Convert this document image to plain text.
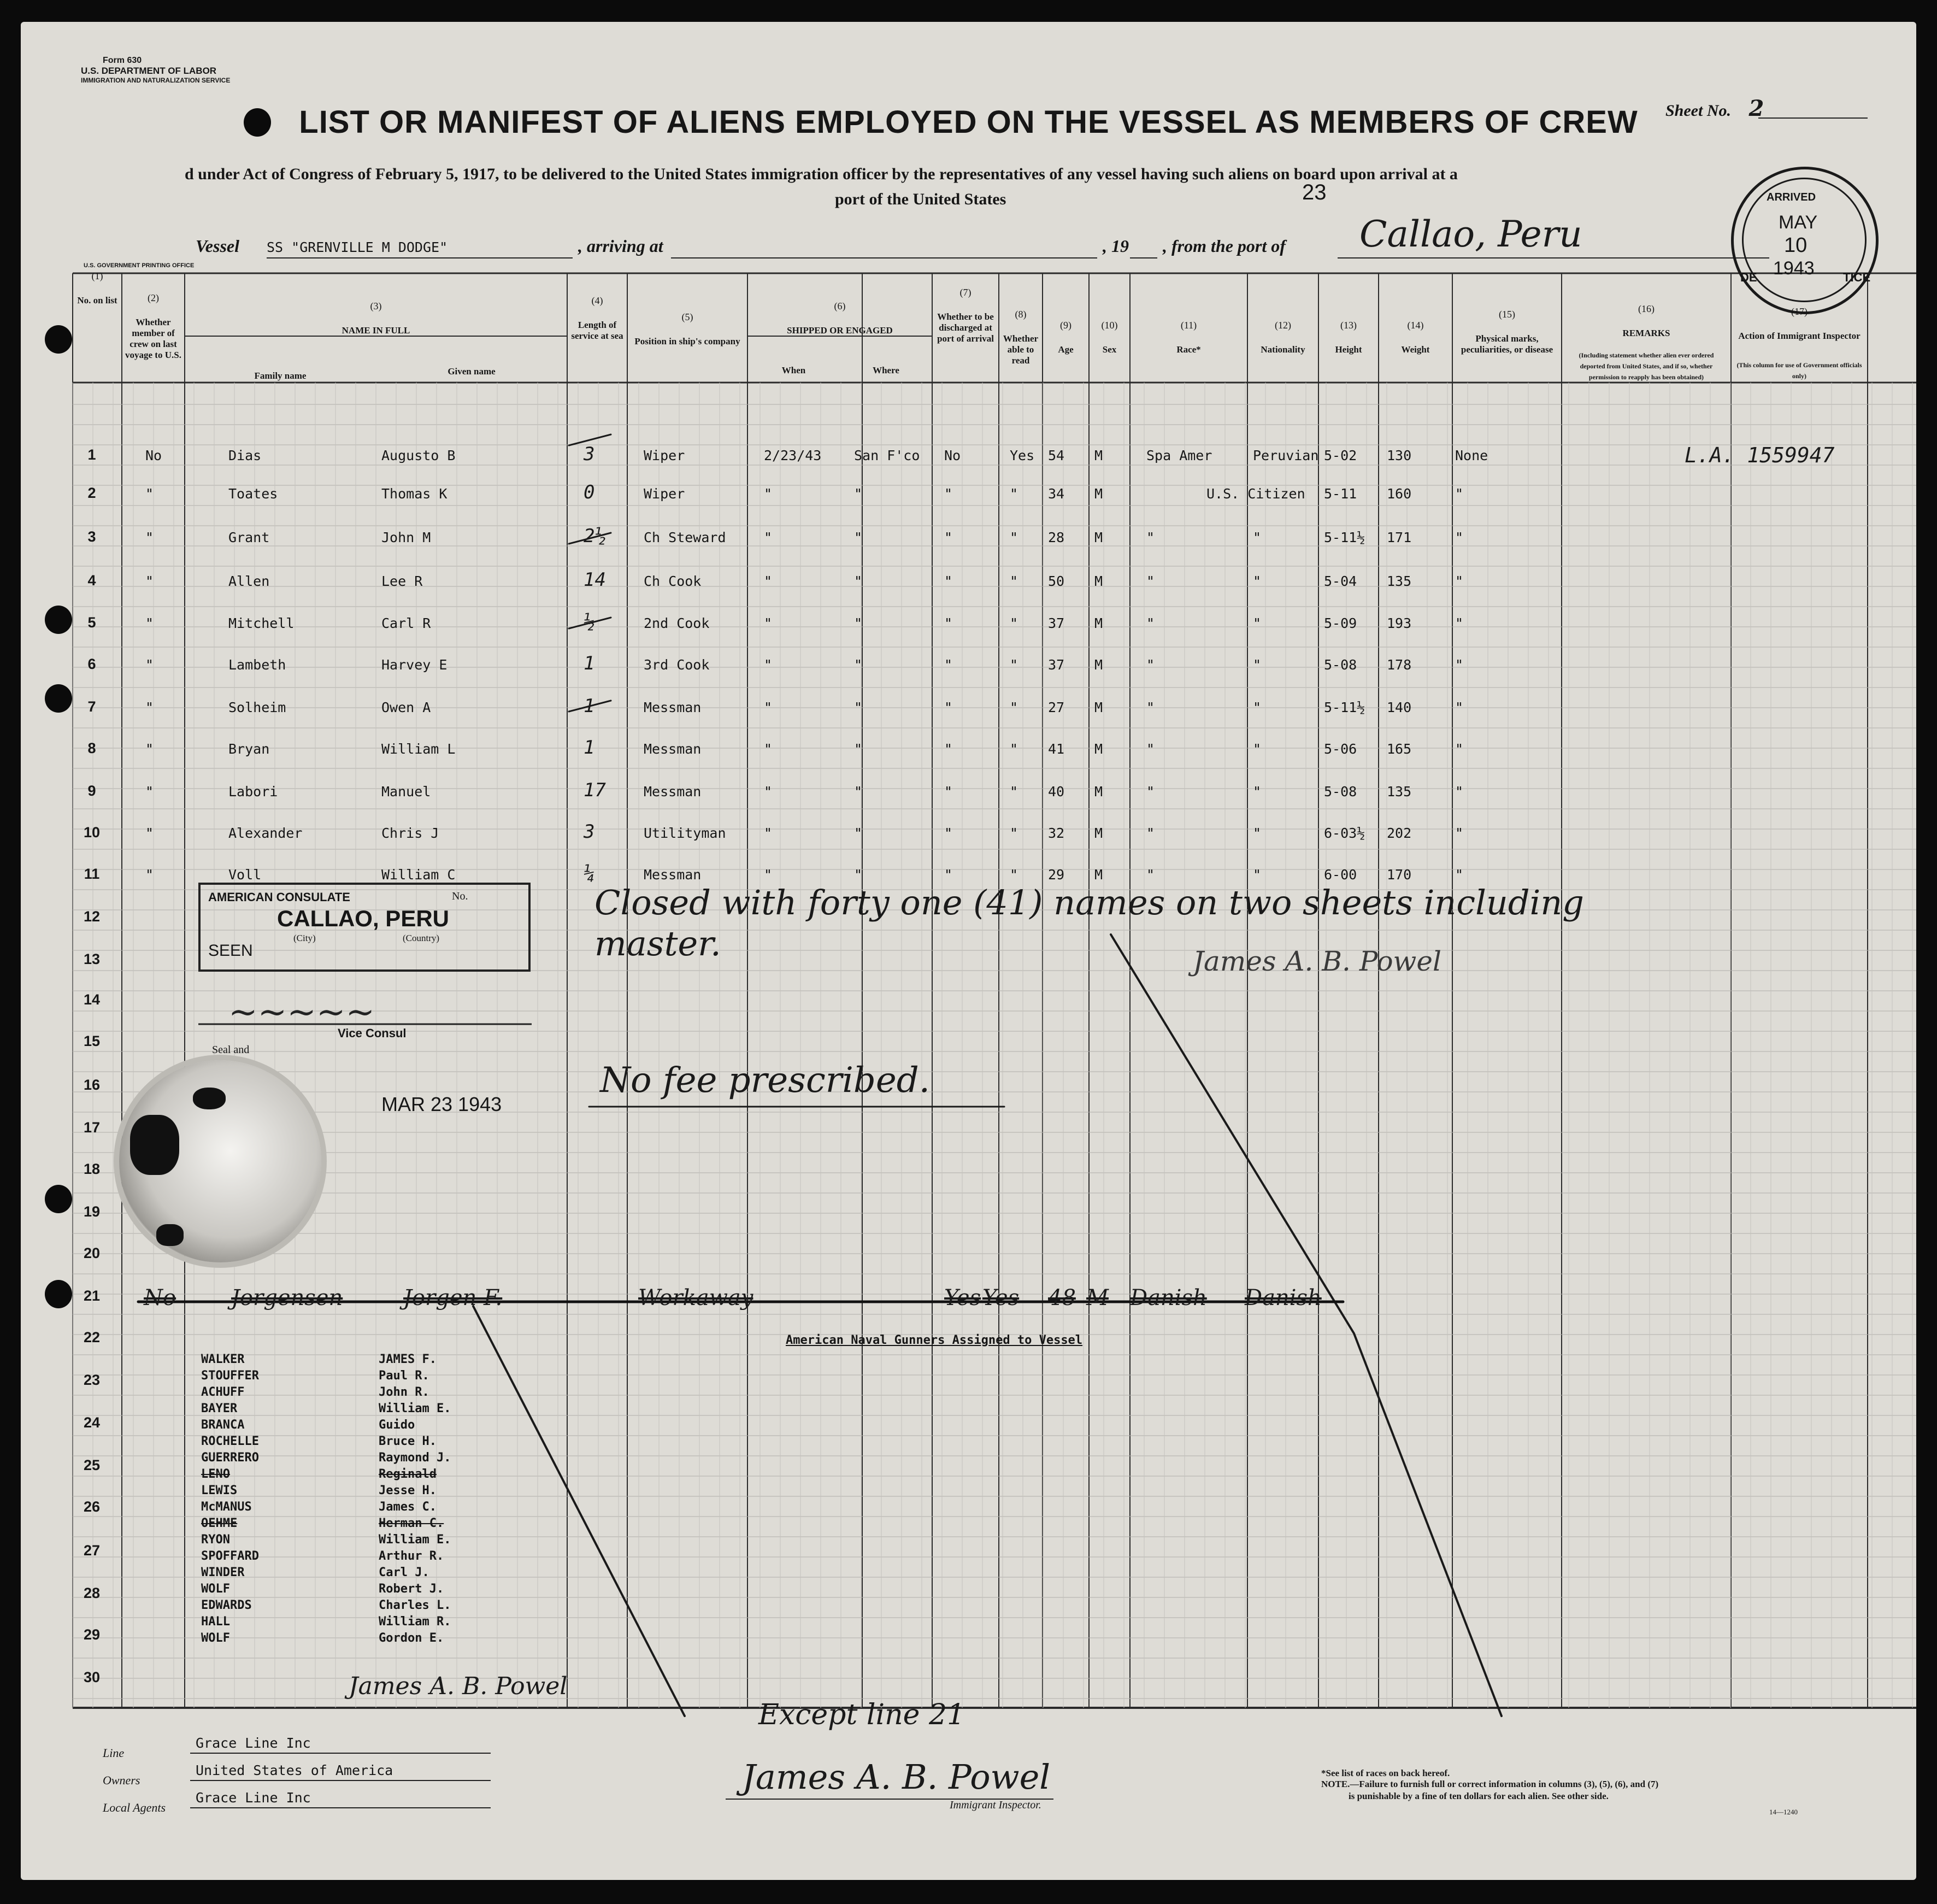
Form 630
U.S. DEPARTMENT OF LABOR
IMMIGRATION AND NATURALIZATION SERVICE
Sheet No. 2
LIST OR MANIFEST OF ALIENS EMPLOYED ON THE VESSEL AS MEMBERS OF CREW
d under Act of Congress of February 5, 1917, to be delivered to the United States immigration officer by the representatives of any vessel having such aliens on board upon arrival at a
23
port of the United States
Vessel SS "GRENVILLE M DODGE"	, arriving at	, 19 , from the port of Callao, Peru
U.S. GOVERNMENT PRINTING OFFICE
ARRIVED
MAY
10
1943
DE	TICE
(1)
No. on list	(2)
Whether member of crew on last voyage to U.S.
(3)
NAME IN FULL
Family name	Given name
(4)
Length of service at sea
(5)
Position in ship's company
(6)
SHIPPED OR ENGAGED
When	Where
(7)
Whether to be discharged at port of arrival
(8)
Whether able to read
(9)
Age
(10)
Sex
(11)
Race*
(12)
Nationality
(13)
Height
(14)
Weight
(15)
Physical marks, peculiarities, or disease
(16)
REMARKS
(Including statement whether alien ever ordered deported from United States, and if so, whether permission to reapply has been obtained)
(17)
Action of Immigrant Inspector
(This column for use of Government officials only)
1
2
3
4
5
6
7
8
9
10
11
12
13
14
15
16
17
18
19
20
21
22
23
24
25
26
27
28
29
30
No	Dias	Augusto B	3	Wiper	2/23/43 San F'co No	Yes 54 M	Spa Amer	Peruvian 5-02 130	None	L.A. 1559947
"	Toates	Thomas K	0	Wiper	"	"	"	" 34 M	U.S. Citizen 5-11 160	"
"	Grant	John M	2½	Ch Steward	"	"	"	" 28 M	"	"	5-11½ 171	"
"	Allen	Lee R	14	Ch Cook	"	"	"	" 50 M	"	"	5-04 135	"
"	Mitchell	Carl R	½	2nd Cook	"	"	"	" 37 M	"	"	5-09 193	"
"	Lambeth	Harvey E	1	3rd Cook	"	"	"	" 37 M	"	"	5-08 178	"
"	Solheim	Owen A	1	Messman	"	"	"	" 27 M	"	"	5-11½ 140	"
"	Bryan	William L	1	Messman	"	"	"	" 41 M	"	"	5-06 165	"
"	Labori	Manuel	17	Messman	"	"	"	" 40 M	"	"	5-08 135	"
"	Alexander	Chris J	3	Utilityman	"	"	"	" 32 M	"	"	6-03½ 202	"
"	Voll	William C	¼	Messman	"	"	"	" 29 M	"	"	6-00 170	"
Closed with forty one (41) names on two sheets including
master.	James A. B. Powel
No fee prescribed.
AMERICAN CONSULATE	No.
CALLAO, PERU
(City)	(Country)
SEEN
~~~~~
Vice Consul
Seal and
MAR 23 1943
No	Jorgensen	Jorgen F.	Workaway	Yes Yes 48 M Danish Danish
American Naval Gunners Assigned to Vessel
WALKER	JAMES F.
STOUFFER	Paul R.
ACHUFF	John R.
BAYER	William E.
BRANCA	Guido
ROCHELLE	Bruce H.
GUERRERO	Raymond J.
LENO	Reginald
LEWIS	Jesse H.
McMANUS	James C.
OEHME	Herman C.
RYON	William E.
SPOFFARD	Arthur R.
WINDER	Carl J.
WOLF	Robert J.
EDWARDS	Charles L.
HALL	William R.
WOLF	Gordon E.
James A. B. Powel
Except line 21
Line
Grace Line Inc
Owners
United States of America
Local Agents
Grace Line Inc
James A. B. Powel
Immigrant Inspector.
*See list of races on back hereof.
NOTE.—Failure to furnish full or correct information in columns (3), (5), (6), and (7)
is punishable by a fine of ten dollars for each alien. See other side.
14—1240
